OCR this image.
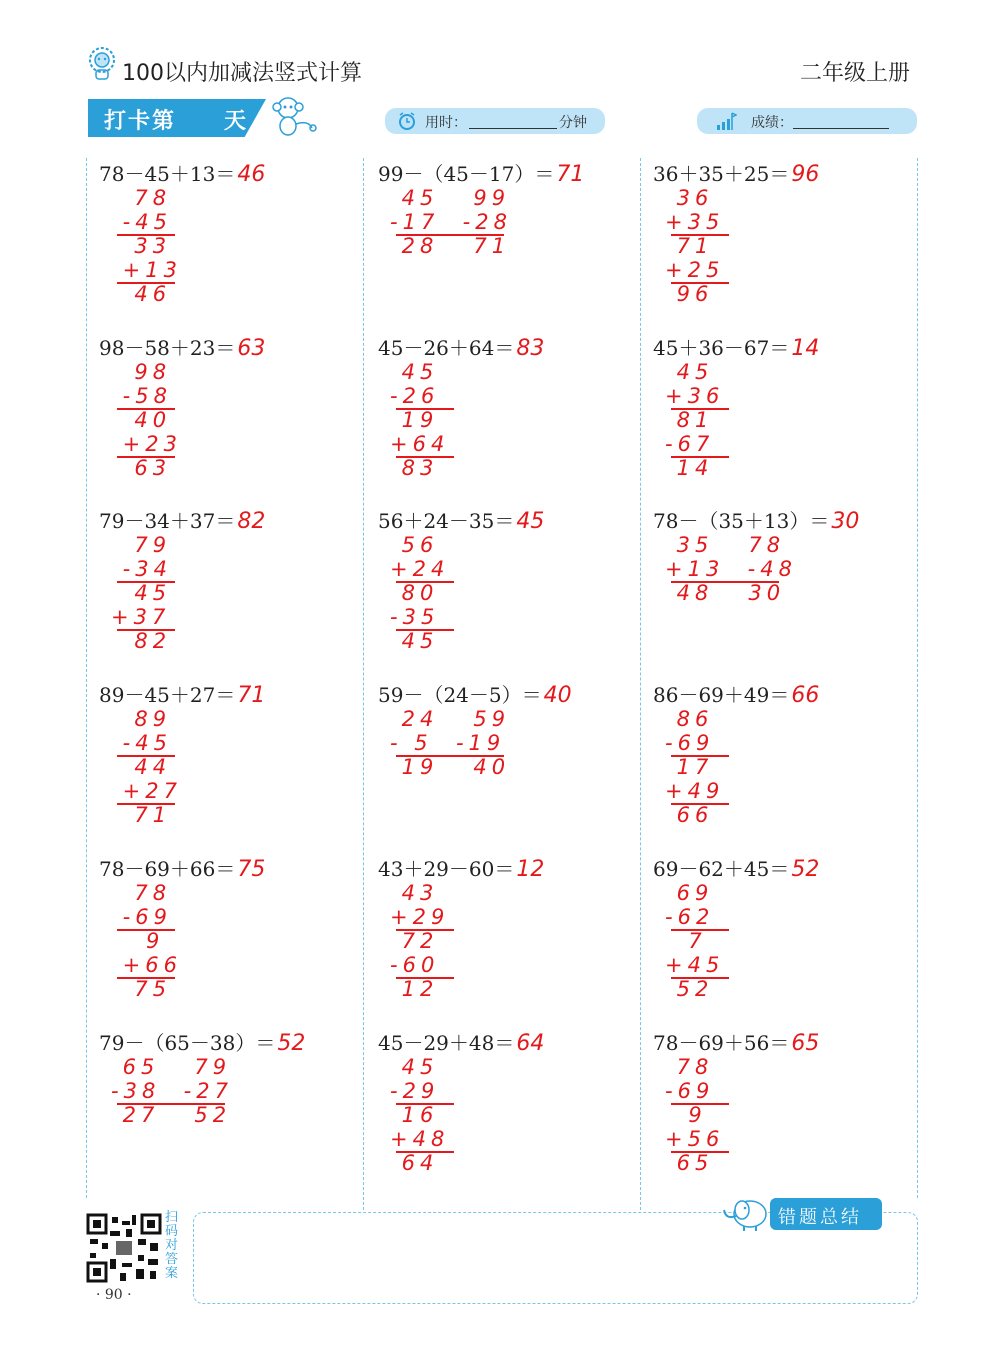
100以内加减法竖式计算	二年级上册
打卡第 天	用时：	分钟	成绩：
78－45＋13＝46
78
-45
33
+13
46
99－（45－17）＝71
45   99
-17  -28
28   71
36＋35＋25＝96
36
+35
71
+25
96
98－58＋23＝63
98
-58
40
+23
63
45－26＋64＝83
45
-26
19
+64
83
45＋36－67＝14
45
+36
81
-67
14
79－34＋37＝82
79
-34
45
+37
82
56＋24－35＝45
56
+24
80
-35
45
78－（35＋13）＝30
35   78
+13  -48
48   30
89－45＋27＝71
89
-45
44
+27
71
59－（24－5）＝40
24   59
- 5  -19
19   40
86－69＋49＝66
86
-69
17
+49
66
78－69＋66＝75
78
-69
9
+66
75
43＋29－60＝12
43
+29
72
-60
12
69－62＋45＝52
69
-62
7
+45
52
79－（65－38）＝52
65   79
-38  -27
27   52
45－29＋48＝64
45
-29
16
+48
64
78－69＋56＝65
78
-69
9
+56
65
扫码对答案
· 90 ·
错题总结
